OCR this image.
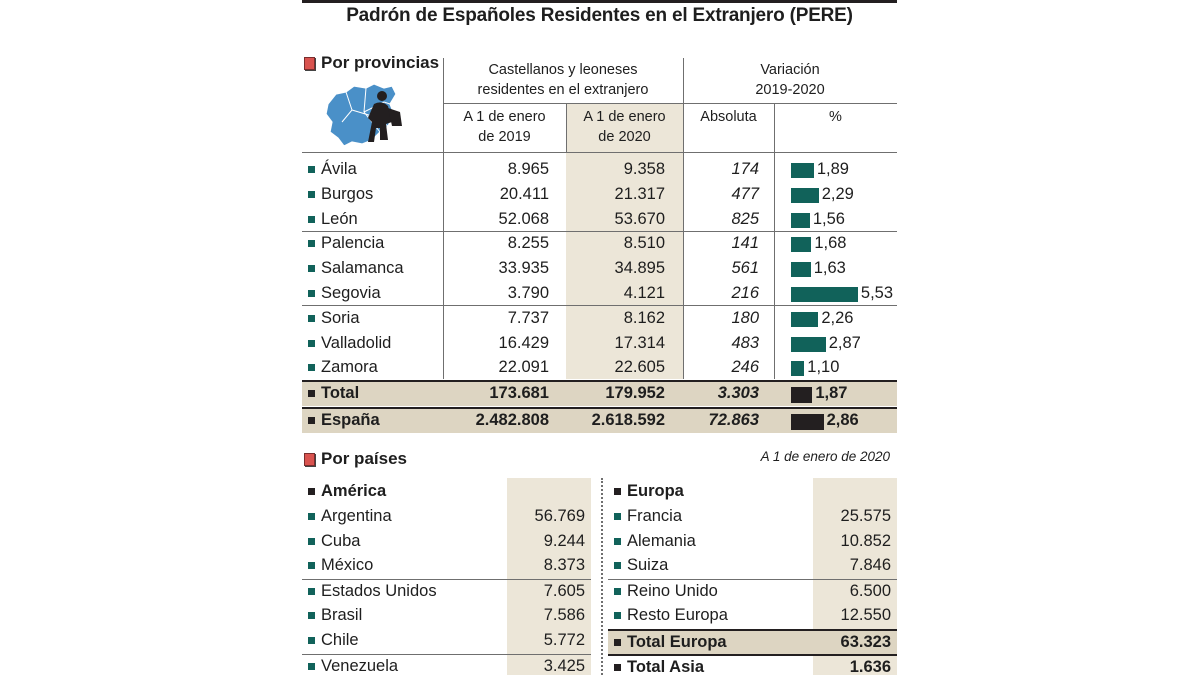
Padrón de Españoles Residentes en el Extranjero (PERE)
Por provincias	Castellanos y leoneses
residentes en el extranjero
Variación
2019-2020
A 1 de enero
de 2019
A 1 de enero
de 2020
Absoluta	%
Ávila	8.965	9.358	174	1,89
Burgos	20.411	21.317	477	2,29
León	52.068	53.670	825	1,56
Palencia	8.255	8.510	141	1,68
Salamanca	33.935	34.895	561	1,63
Segovia	3.790	4.121	216	5,53
Soria	7.737	8.162	180	2,26
Valladolid	16.429	17.314	483	2,87
Zamora	22.091	22.605	246	1,10
Total	173.681	179.952	3.303	1,87
España	2.482.808	2.618.592	72.863	2,86
Por países	A 1 de enero de 2020
América
Argentina	56.769
Cuba	9.244
México	8.373
Estados Unidos	7.605
Brasil	7.586
Chile	5.772
Venezuela	3.425
Europa
Francia	25.575
Alemania	10.852
Suiza	7.846
Reino Unido	6.500
Resto Europa	12.550
Total Europa	63.323
Total Asia	1.636
